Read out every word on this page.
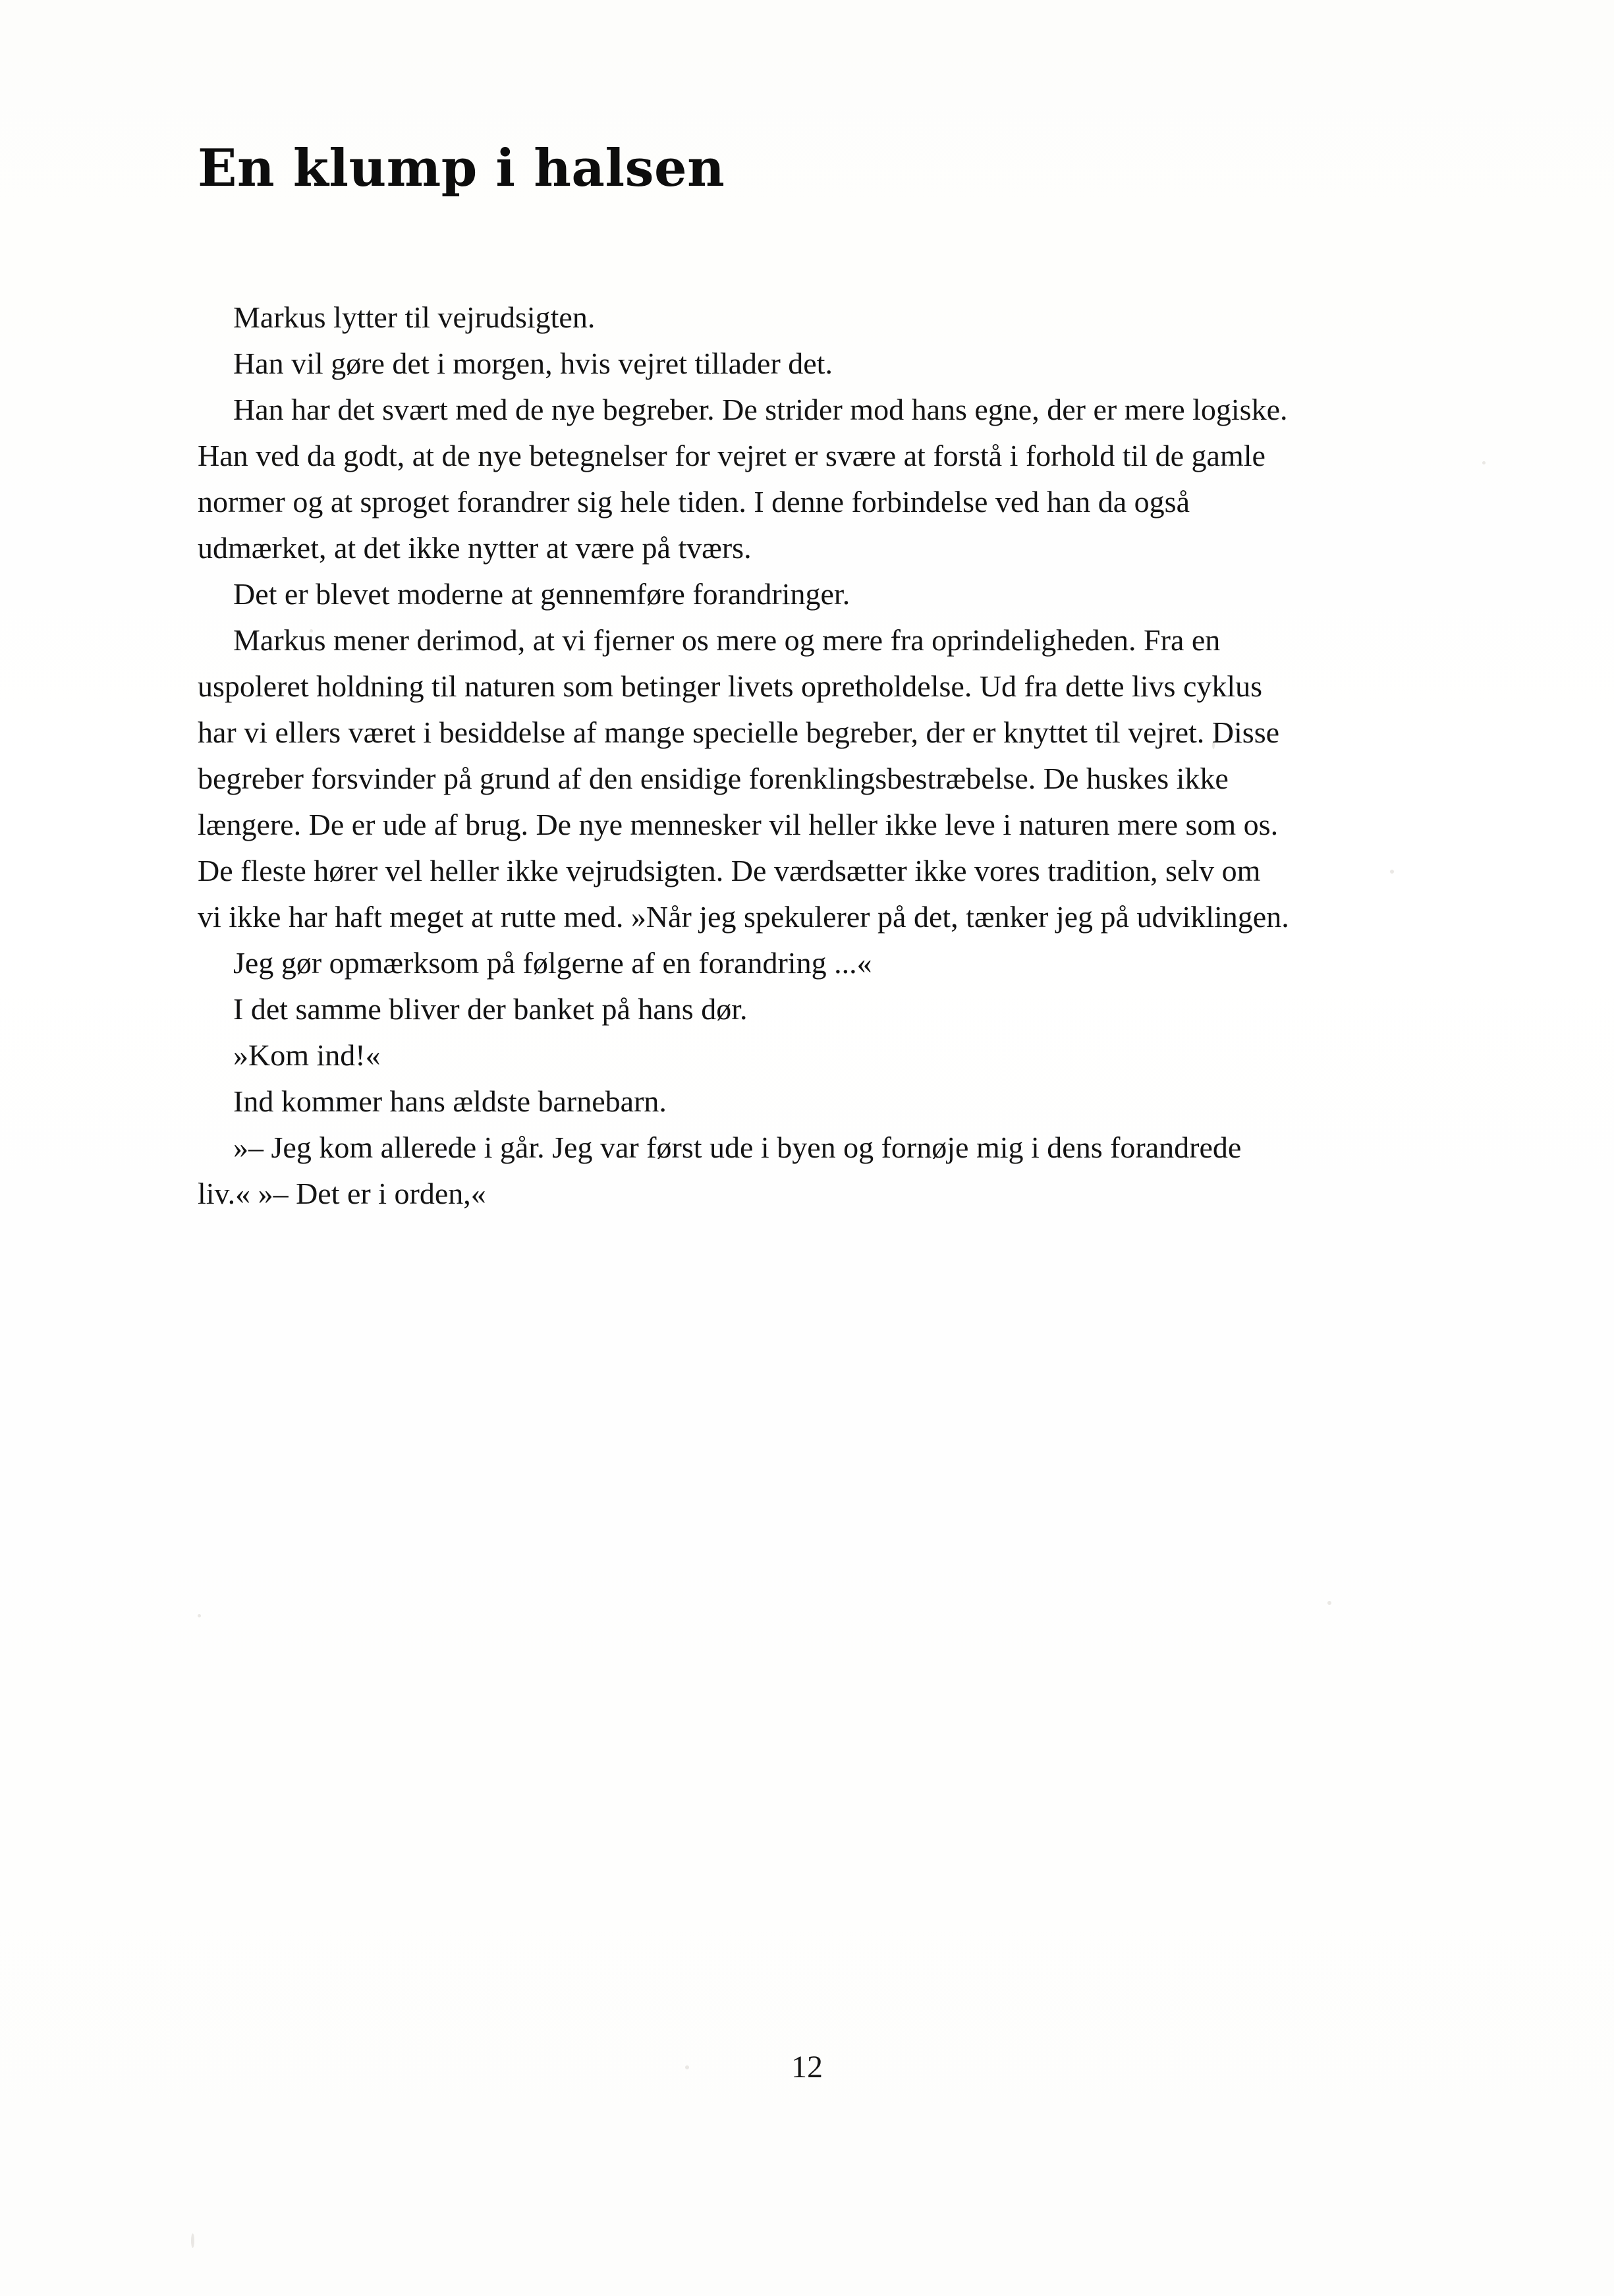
En klump i halsen

Markus lytter til vejrudsigten.

Han vil gøre det i morgen, hvis vejret tillader det.

Han har det svært med de nye begreber. De strider mod hans egne, der er mere logiske. Han ved da godt, at de nye betegnelser for vejret er svære at forstå i forhold til de gamle normer og at sproget forandrer sig hele tiden. I denne forbindelse ved han da også udmærket, at det ikke nytter at være på tværs.

Det er blevet moderne at gennemføre forandringer.

Markus mener derimod, at vi fjerner os mere og mere fra oprindeligheden. Fra en uspoleret holdning til naturen som betinger livets opretholdelse. Ud fra dette livs cyklus har vi ellers været i besiddelse af mange specielle begreber, der er knyttet til vejret. Disse begreber forsvinder på grund af den ensidige forenklingsbestræbelse. De huskes ikke længere. De er ude af brug. De nye mennesker vil heller ikke leve i naturen mere som os. De fleste hører vel heller ikke vejrudsigten. De værdsætter ikke vores tradition, selv om vi ikke har haft meget at rutte med. »Når jeg spekulerer på det, tænker jeg på udviklingen.

Jeg gør opmærksom på følgerne af en forandring ...«

I det samme bliver der banket på hans dør.

»Kom ind!«

Ind kommer hans ældste barnebarn.

»– Jeg kom allerede i går. Jeg var først ude i byen og fornøje mig i dens forandrede liv.« »– Det er i orden,«

12
